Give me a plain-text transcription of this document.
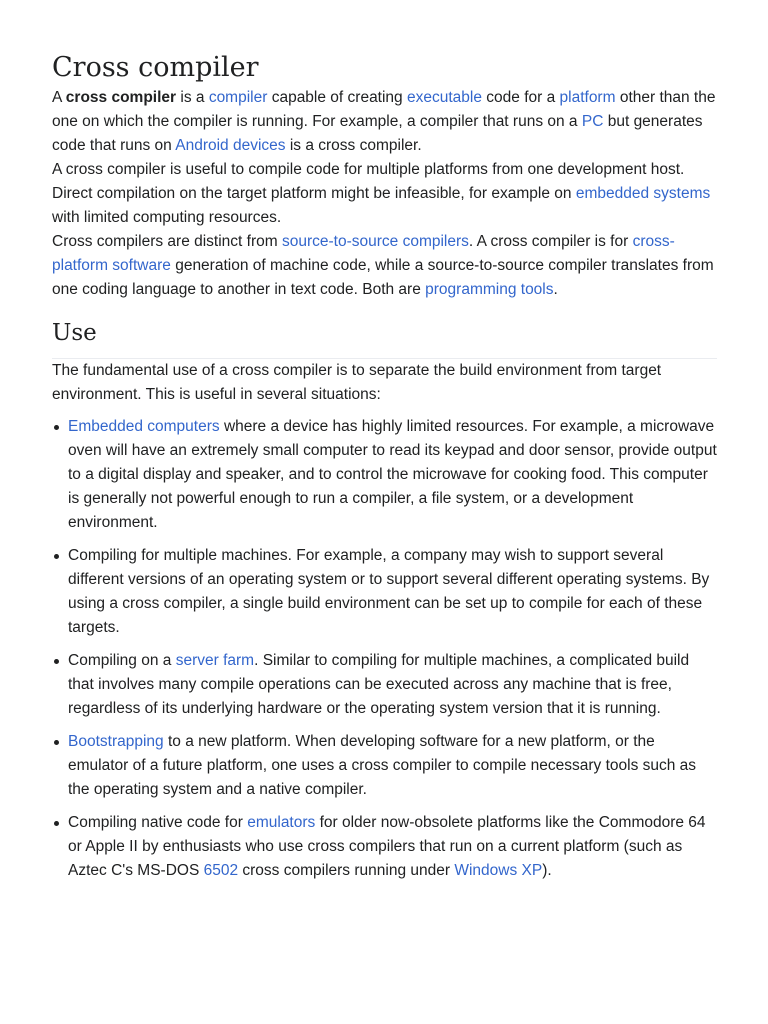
Cross compiler

A cross compiler is a compiler capable of creating executable code for a platform other than the one on which the compiler is running. For example, a compiler that runs on a PC but generates code that runs on Android devices is a cross compiler.

A cross compiler is useful to compile code for multiple platforms from one development host. Direct compilation on the target platform might be infeasible, for example on embedded systems with limited computing resources.

Cross compilers are distinct from source-to-source compilers. A cross compiler is for cross-platform software generation of machine code, while a source-to-source compiler translates from one coding language to another in text code. Both are programming tools.

Use

The fundamental use of a cross compiler is to separate the build environment from target environment. This is useful in several situations:

Embedded computers where a device has highly limited resources. For example, a microwave oven will have an extremely small computer to read its keypad and door sensor, provide output to a digital display and speaker, and to control the microwave for cooking food. This computer is generally not powerful enough to run a compiler, a file system, or a development environment.
Compiling for multiple machines. For example, a company may wish to support several different versions of an operating system or to support several different operating systems. By using a cross compiler, a single build environment can be set up to compile for each of these targets.
Compiling on a server farm. Similar to compiling for multiple machines, a complicated build that involves many compile operations can be executed across any machine that is free, regardless of its underlying hardware or the operating system version that it is running.
Bootstrapping to a new platform. When developing software for a new platform, or the emulator of a future platform, one uses a cross compiler to compile necessary tools such as the operating system and a native compiler.
Compiling native code for emulators for older now-obsolete platforms like the Commodore 64 or Apple II by enthusiasts who use cross compilers that run on a current platform (such as Aztec C's MS-DOS 6502 cross compilers running under Windows XP).
